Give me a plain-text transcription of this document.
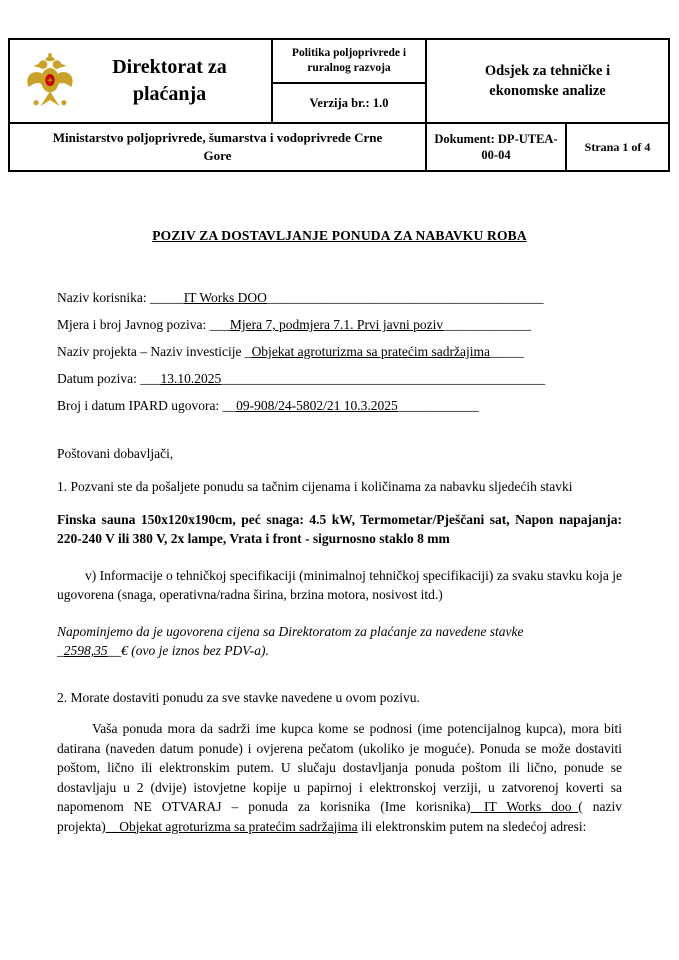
Direktorat za plaćanja
Politika poljoprivrede i ruralnog razvoja
Verzija br.: 1.0
Odsjek za tehničke i ekonomske analize
Ministarstvo poljoprivrede, šumarstva i vodoprivrede Crne Gore
Dokument: DP-UTEA-00-04
Strana 1 of 4
POZIV ZA DOSTAVLJANJE PONUDA ZA NABAVKU ROBA
Naziv korisnika: _____IT Works DOO_________________________________________
Mjera i broj Javnog poziva: ___Mjera 7, podmjera 7.1. Prvi javni poziv_____________
Naziv projekta – Naziv investicije _Objekat agroturizma sa pratećim sadržajima_____
Datum poziva: ___13.10.2025________________________________________________
Broj i datum IPARD ugovora: __09-908/24-5802/21 10.3.2025____________
Poštovani dobavljači,
1. Pozvani ste da pošaljete ponudu sa tačnim cijenama i količinama za nabavku sljedećih stavki
Finska sauna 150x120x190cm, peć snaga: 4.5 kW, Termometar/Pješčani sat, Napon napajanja: 220-240 V ili 380 V, 2x lampe, Vrata i front - sigurnosno staklo 8 mm
v) Informacije o tehničkoj specifikaciji (minimalnoj tehničkoj specifikaciji) za svaku stavku koja je ugovorena (snaga, operativna/radna širina, brzina motora, nosivost itd.)
Napominjemo da je ugovorena cijena sa Direktoratom za plaćanje za navedene stavke
_2598,35__€ (ovo je iznos bez PDV-a).
2. Morate dostaviti ponudu za sve stavke navedene u ovom pozivu.
Vaša ponuda mora da sadrži ime kupca kome se podnosi (ime potencijalnog kupca), mora biti datirana (naveden datum ponude) i ovjerena pečatom (ukoliko je moguće). Ponuda se može dostaviti poštom, lično ili elektronskim putem. U slučaju dostavljanja ponuda poštom ili lično, ponude se dostavljaju u 2 (dvije) istovjetne kopije u papirnoj i elektronskoj verziji, u zatvorenoj koverti sa napomenom NE OTVARAJ – ponuda za korisnika (Ime korisnika)__IT Works doo_( naziv projekta)__Objekat agroturizma sa pratećim sadržajima ili elektronskim putem na sledećoj adresi:
